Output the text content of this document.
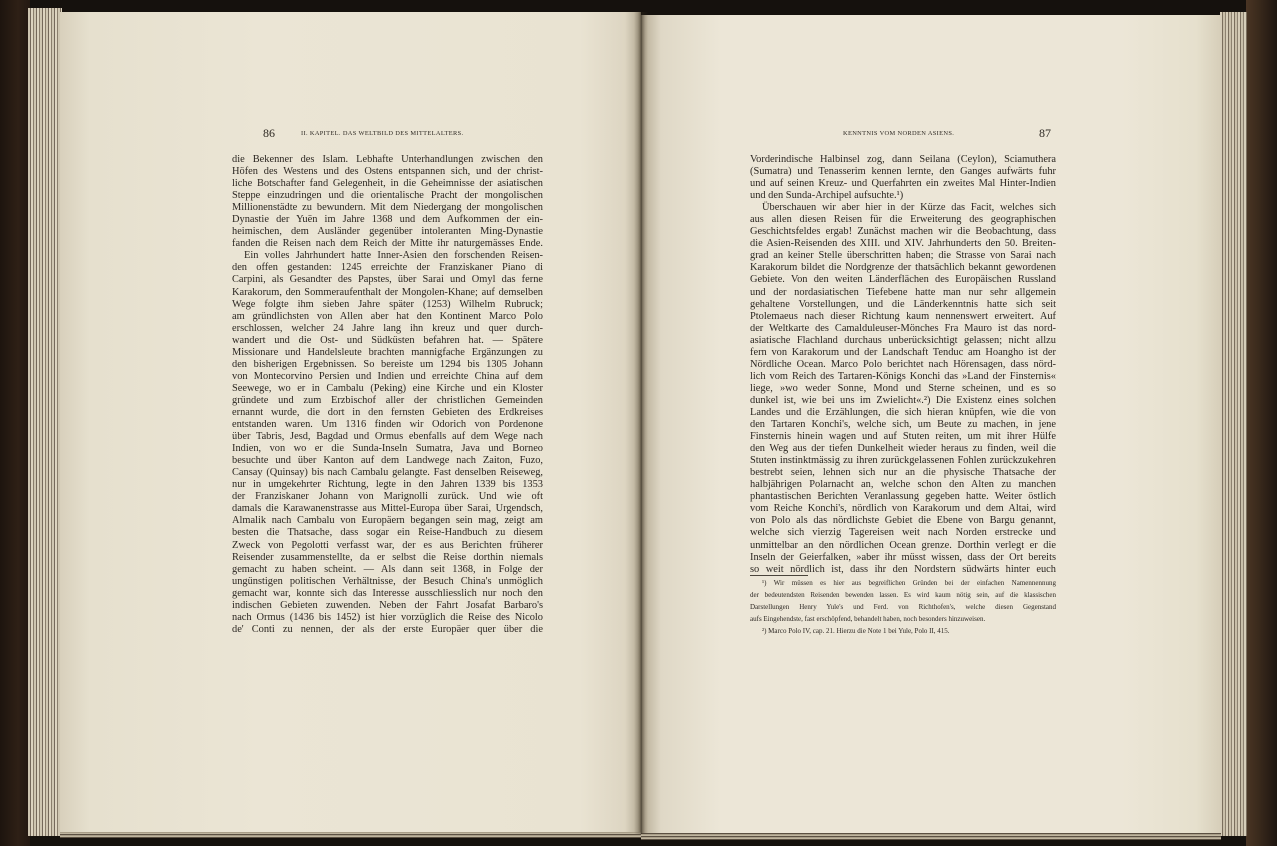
86	II. KAPITEL. DAS WELTBILD DES MITTELALTERS.	KENNTNIS VOM NORDEN ASIENS.	87
die Bekenner des Islam. Lebhafte Unterhandlungen zwischen den
Höfen des Westens und des Ostens entspannen sich, und der christ-
liche Botschafter fand Gelegenheit, in die Geheimnisse der asiatischen
Steppe einzudringen und die orientalische Pracht der mongolischen
Millionenstädte zu bewundern. Mit dem Niedergang der mongolischen
Dynastie der Yuën im Jahre 1368 und dem Aufkommen der ein-
heimischen, dem Ausländer gegenüber intoleranten Ming-Dynastie
fanden die Reisen nach dem Reich der Mitte ihr naturgemässes Ende.
Ein volles Jahrhundert hatte Inner-Asien den forschenden Reisen-
den offen gestanden: 1245 erreichte der Franziskaner Piano di
Carpini, als Gesandter des Papstes, über Sarai und Omyl das ferne
Karakorum, den Sommeraufenthalt der Mongolen-Khane; auf demselben
Wege folgte ihm sieben Jahre später (1253) Wilhelm Rubruck;
am gründlichsten von Allen aber hat den Kontinent Marco Polo
erschlossen, welcher 24 Jahre lang ihn kreuz und quer durch-
wandert und die Ost- und Südküsten befahren hat. — Spätere
Missionare und Handelsleute brachten mannigfache Ergänzungen zu
den bisherigen Ergebnissen. So bereiste um 1294 bis 1305 Johann
von Montecorvino Persien und Indien und erreichte China auf dem
Seewege, wo er in Cambalu (Peking) eine Kirche und ein Kloster
gründete und zum Erzbischof aller der christlichen Gemeinden
ernannt wurde, die dort in den fernsten Gebieten des Erdkreises
entstanden waren. Um 1316 finden wir Odorich von Pordenone
über Tabris, Jesd, Bagdad und Ormus ebenfalls auf dem Wege nach
Indien, von wo er die Sunda-Inseln Sumatra, Java und Borneo
besuchte und über Kanton auf dem Landwege nach Zaiton, Fuzo,
Cansay (Quinsay) bis nach Cambalu gelangte. Fast denselben Reiseweg,
nur in umgekehrter Richtung, legte in den Jahren 1339 bis 1353
der Franziskaner Johann von Marignolli zurück. Und wie oft
damals die Karawanenstrasse aus Mittel-Europa über Sarai, Urgendsch,
Almalik nach Cambalu von Europäern begangen sein mag, zeigt am
besten die Thatsache, dass sogar ein Reise-Handbuch zu diesem
Zweck von Pegolotti verfasst war, der es aus Berichten früherer
Reisender zusammenstellte, da er selbst die Reise dorthin niemals
gemacht zu haben scheint. — Als dann seit 1368, in Folge der
ungünstigen politischen Verhältnisse, der Besuch China's unmöglich
gemacht war, konnte sich das Interesse ausschliesslich nur noch den
indischen Gebieten zuwenden. Neben der Fahrt Josafat Barbaro's
nach Ormus (1436 bis 1452) ist hier vorzüglich die Reise des Nicolo
de' Conti zu nennen, der als der erste Europäer quer über die
Vorderindische Halbinsel zog, dann Seilana (Ceylon), Sciamuthera
(Sumatra) und Tenasserim kennen lernte, den Ganges aufwärts fuhr
und auf seinen Kreuz- und Querfahrten ein zweites Mal Hinter-Indien
und den Sunda-Archipel aufsuchte.¹)
Überschauen wir aber hier in der Kürze das Facit, welches sich
aus allen diesen Reisen für die Erweiterung des geographischen
Geschichtsfeldes ergab! Zunächst machen wir die Beobachtung, dass
die Asien-Reisenden des XIII. und XIV. Jahrhunderts den 50. Breiten-
grad an keiner Stelle überschritten haben; die Strasse von Sarai nach
Karakorum bildet die Nordgrenze der thatsächlich bekannt gewordenen
Gebiete. Von den weiten Länderflächen des Europäischen Russland
und der nordasiatischen Tiefebene hatte man nur sehr allgemein
gehaltene Vorstellungen, und die Länderkenntnis hatte sich seit
Ptolemaeus nach dieser Richtung kaum nennenswert erweitert. Auf
der Weltkarte des Camalduleuser-Mönches Fra Mauro ist das nord-
asiatische Flachland durchaus unberücksichtigt gelassen; nicht allzu
fern von Karakorum und der Landschaft Tenduc am Hoangho ist der
Nördliche Ocean. Marco Polo berichtet nach Hörensagen, dass nörd-
lich vom Reich des Tartaren-Königs Konchi das »Land der Finsternis«
liege, »wo weder Sonne, Mond und Sterne scheinen, und es so
dunkel ist, wie bei uns im Zwielicht«.²) Die Existenz eines solchen
Landes und die Erzählungen, die sich hieran knüpfen, wie die von
den Tartaren Konchi's, welche sich, um Beute zu machen, in jene
Finsternis hinein wagen und auf Stuten reiten, um mit ihrer Hülfe
den Weg aus der tiefen Dunkelheit wieder heraus zu finden, weil die
Stuten instinktmässig zu ihren zurückgelassenen Fohlen zurückzukehren
bestrebt seien, lehnen sich nur an die physische Thatsache der
halbjährigen Polarnacht an, welche schon den Alten zu manchen
phantastischen Berichten Veranlassung gegeben hatte. Weiter östlich
vom Reiche Konchi's, nördlich von Karakorum und dem Altai, wird
von Polo als das nördlichste Gebiet die Ebene von Bargu genannt,
welche sich vierzig Tagereisen weit nach Norden erstrecke und
unmittelbar an den nördlichen Ocean grenze. Dorthin verlegt er die
Inseln der Geierfalken, »aber ihr müsst wissen, dass der Ort bereits
so weit nördlich ist, dass ihr den Nordstern südwärts hinter euch
¹) Wir müssen es hier aus begreiflichen Gründen bei der einfachen Namennennung
der bedeutendsten Reisenden bewenden lassen. Es wird kaum nötig sein, auf die klassischen
Darstellungen Henry Yule's und Ferd. von Richthofen's, welche diesen Gegenstand
aufs Eingehendste, fast erschöpfend, behandelt haben, noch besonders hinzuweisen.
²) Marco Polo IV, cap. 21. Hierzu die Note 1 bei Yule, Polo II, 415.
